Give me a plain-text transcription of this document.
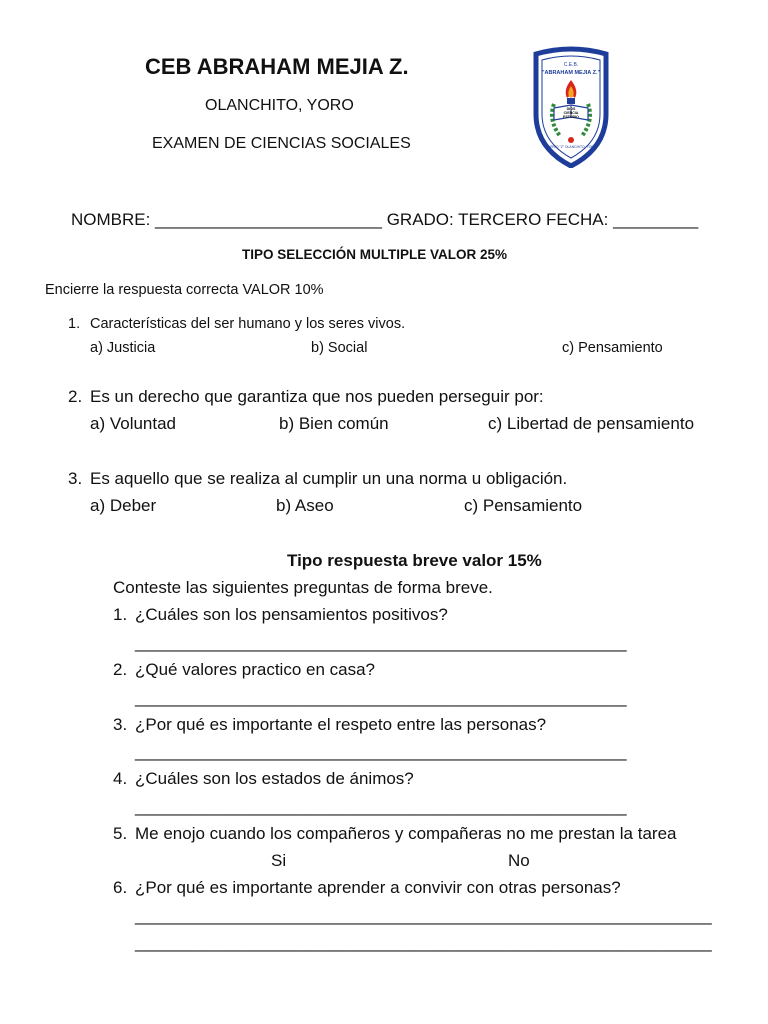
CEB ABRAHAM MEJIA Z.
OLANCHITO, YORO
EXAMEN DE CIENCIAS SOCIALES
C.E.B.
"ABRAHAM MEJIA Z."
DIOS
CIENCIA
ESTUDIO
BARRIO "Z" OLANCHITO, YORO
NOMBRE: ________________________ GRADO: TERCERO FECHA: _________
TIPO SELECCIÓN MULTIPLE VALOR 25%
Encierre la respuesta correcta VALOR 10%
1. Características del ser humano y los seres vivos.
a) Justicia	b) Social	c) Pensamiento
2. Es un derecho que garantiza que nos pueden perseguir por:
a) Voluntad	b) Bien común	c) Libertad de pensamiento
3. Es aquello que se realiza al cumplir un una norma u obligación.
a) Deber	b) Aseo	c) Pensamiento
Tipo respuesta breve valor 15%
Conteste las siguientes preguntas de forma breve.
1. ¿Cuáles son los pensamientos positivos?
____________________________________________________
2. ¿Qué valores practico en casa?
____________________________________________________
3. ¿Por qué es importante el respeto entre las personas?
____________________________________________________
4. ¿Cuáles son los estados de ánimos?
____________________________________________________
5. Me enojo cuando los compañeros y compañeras no me prestan la tarea
Si	No
6. ¿Por qué es importante aprender a convivir con otras personas?
_____________________________________________________________
_____________________________________________________________
